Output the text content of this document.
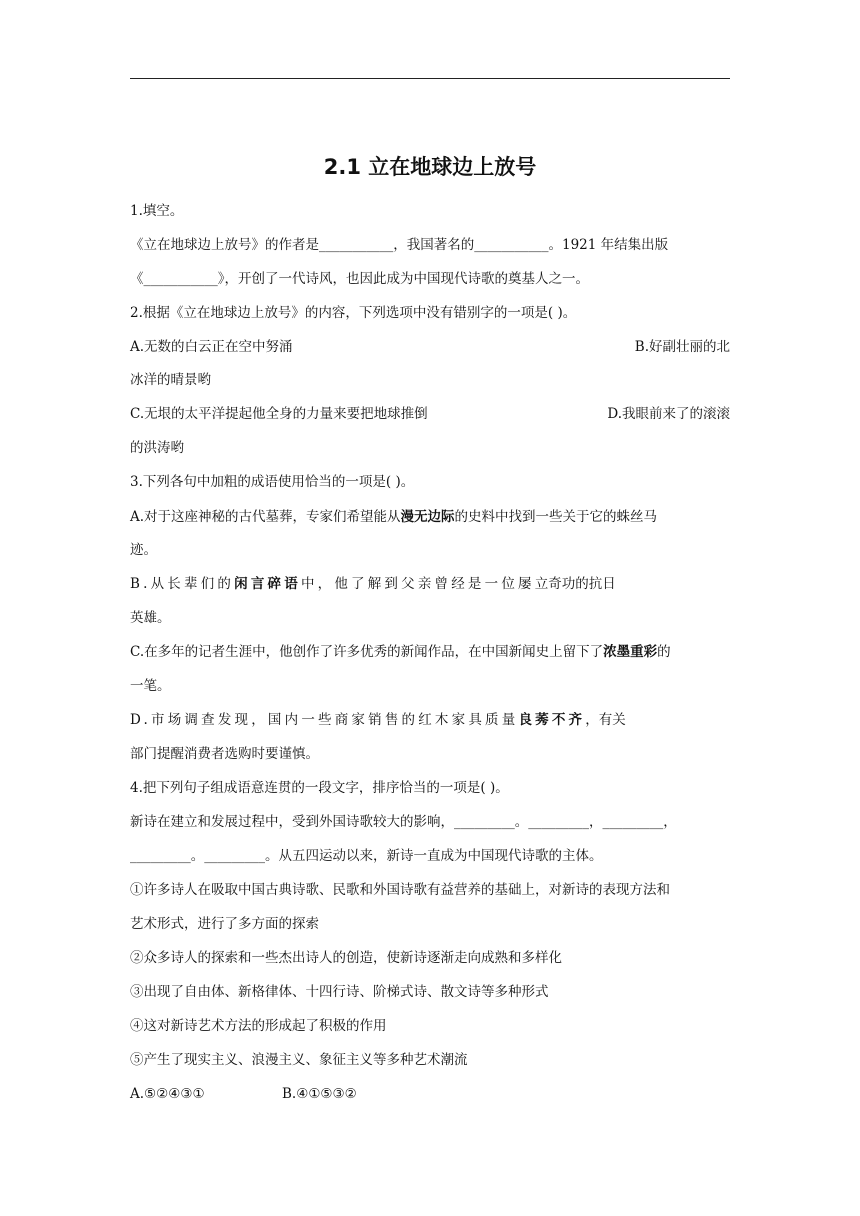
2.1 立在地球边上放号
1.填空。
《立在地球边上放号》的作者是___________，我国著名的___________。1921 年结集出版
《___________》，开创了一代诗风，也因此成为中国现代诗歌的奠基人之一。
2.根据《立在地球边上放号》的内容，下列选项中没有错别字的一项是( )。
A.无数的白云正在空中努涌	B.好副壮丽的北
冰洋的晴景哟
C.无垠的太平洋提起他全身的力量来要把地球推倒	D.我眼前来了的滚滚
的洪涛哟
3.下列各句中加粗的成语使用恰当的一项是( )。
A.对于这座神秘的古代墓葬，专家们希望能从漫无边际的史料中找到一些关于它的蛛丝马
迹。
B.从长辈们的闲言碎语中，他了解到父亲曾经是一位屡立奇功的抗日
英雄。
C.在多年的记者生涯中，他创作了许多优秀的新闻作品，在中国新闻史上留下了浓墨重彩的
一笔。
D.市场调查发现，国内一些商家销售的红木家具质量良莠不齐，有关
部门提醒消费者选购时要谨慎。
4.把下列句子组成语意连贯的一段文字，排序恰当的一项是( )。
新诗在建立和发展过程中，受到外国诗歌较大的影响，_________。_________，_________，
_________。_________。从五四运动以来，新诗一直成为中国现代诗歌的主体。
①许多诗人在吸取中国古典诗歌、民歌和外国诗歌有益营养的基础上，对新诗的表现方法和
艺术形式，进行了多方面的探索
②众多诗人的探索和一些杰出诗人的创造，使新诗逐渐走向成熟和多样化
③出现了自由体、新格律体、十四行诗、阶梯式诗、散文诗等多种形式
④这对新诗艺术方法的形成起了积极的作用
⑤产生了现实主义、浪漫主义、象征主义等多种艺术潮流
A.⑤②④③①	B.④①⑤③②
